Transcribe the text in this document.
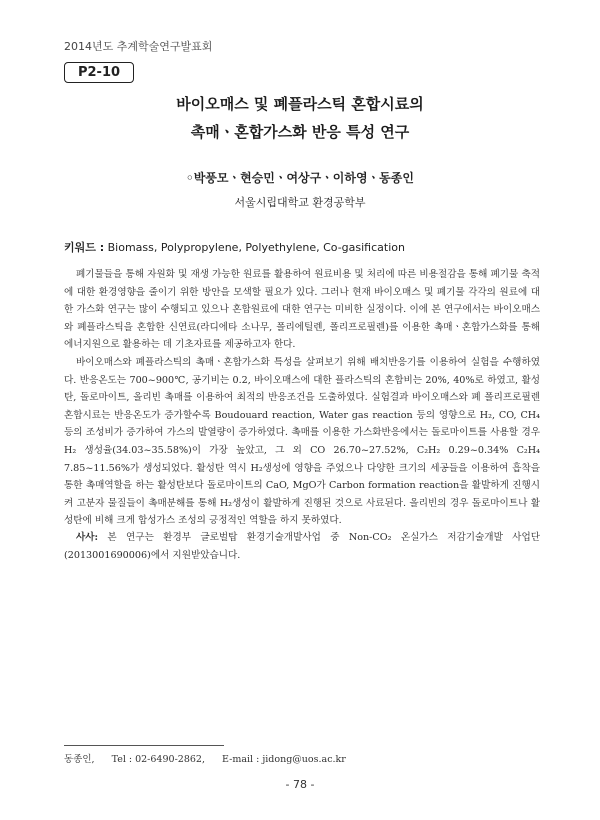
2014년도 추계학술연구발표회
P2-10
바이오매스 및 폐플라스틱 혼합시료의
촉매ㆍ혼합가스화 반응 특성 연구
◦박풍모ㆍ현승민ㆍ여상구ㆍ이하영ㆍ동종인
서울시립대학교 환경공학부
키워드 : Biomass, Polypropylene, Polyethylene, Co-gasification

폐기물들을 통해 자원화 및 재생 가능한 원료를 활용하여 원료비용 및 처리에 따른 비용절감을 통해 폐기물 축적에 대한 환경영향을 줄이기 위한 방안을 모색할 필요가 있다. 그러나 현재 바이오매스 및 폐기물 각각의 원료에 대한 가스화 연구는 많이 수행되고 있으나 혼합원료에 대한 연구는 미비한 실정이다. 이에 본 연구에서는 바이오매스와 폐플라스틱을 혼합한 신연료(라디에타 소나무, 폴리에틸렌, 폴리프로필렌)를 이용한 촉매ㆍ혼합가스화를 통해 에너지원으로 활용하는 데 기초자료를 제공하고자 한다.

바이오매스와 폐플라스틱의 촉매ㆍ혼합가스화 특성을 살펴보기 위해 배치반응기를 이용하여 실험을 수행하였다. 반응온도는 700~900℃, 공기비는 0.2, 바이오매스에 대한 플라스틱의 혼합비는 20%, 40%로 하였고, 활성탄, 돌로마이트, 올리빈 촉매를 이용하여 최적의 반응조건을 도출하였다. 실험결과 바이오매스와 폐 폴리프로필렌 혼합시료는 반응온도가 증가할수록 Boudouard reaction, Water gas reaction 등의 영향으로 H₂, CO, CH₄ 등의 조성비가 증가하여 가스의 발열량이 증가하였다. 촉매를 이용한 가스화반응에서는 돌로마이트를 사용할 경우 H₂ 생성율(34.03~35.58%)이 가장 높았고, 그 외 CO 26.70~27.52%, C₂H₂ 0.29~0.34% C₂H₄ 7.85~11.56%가 생성되었다. 활성탄 역시 H₂생성에 영향을 주었으나 다양한 크기의 세공들을 이용하여 흡착을 통한 촉매역할을 하는 활성탄보다 돌로마이트의 CaO, MgO가 Carbon formation reaction을 활발하게 진행시켜 고분자 물질들이 촉매분해를 통해 H₂생성이 활발하게 진행된 것으로 사료된다. 올리빈의 경우 돌로마이트나 활성탄에 비해 크게 합성가스 조성의 긍정적인 역할을 하지 못하였다.

사사: 본 연구는 환경부 글로벌탑 환경기술개발사업 중 Non-CO₂ 온실가스 저감기술개발 사업단(2013001690006)에서 지원받았습니다.

동종인, Tel : 02-6490-2862, E-mail : jidong@uos.ac.kr
- 78 -
